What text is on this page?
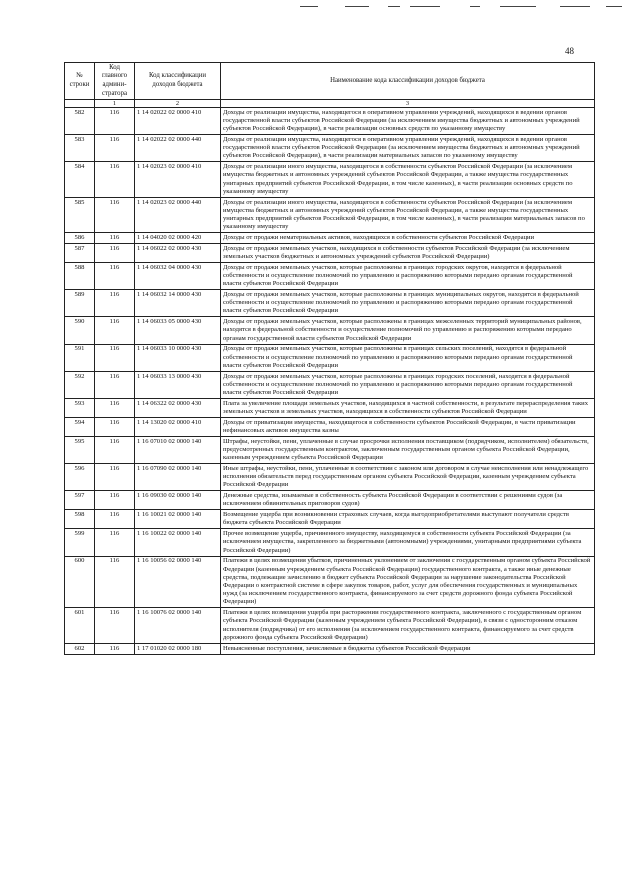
48
№ строки	Код главного админи-стратора	Код классификации доходов бюджета	Наименование кода классификации доходов бюджета
	1	2	3
582	116	1 14 02022 02 0000 410	Доходы от реализации имущества, находящегося в оперативном управлении учреждений, находящихся в ведении органов государственной власти субъектов Российской Федерации (за исключением имущества бюджетных и автономных учреждений субъектов Российской Федерации), в части реализации основных средств по указанному имуществу
583	116	1 14 02022 02 0000 440	Доходы от реализации имущества, находящегося в оперативном управлении учреждений, находящихся в ведении органов государственной власти субъектов Российской Федерации (за исключением имущества бюджетных и автономных учреждений субъектов Российской Федерации), в части реализации материальных запасов по указанному имуществу
584	116	1 14 02023 02 0000 410	Доходы от реализации иного имущества, находящегося в собственности субъектов Российской Федерации (за исключением имущества бюджетных и автономных учреждений субъектов Российской Федерации, а также имущества государственных унитарных предприятий субъектов Российской Федерации, в том числе казенных), в части реализации основных средств по указанному имуществу
585	116	1 14 02023 02 0000 440	Доходы от реализации иного имущества, находящегося в собственности субъектов Российской Федерации (за исключением имущества бюджетных и автономных учреждений субъектов Российской Федерации, а также имущества государственных унитарных предприятий субъектов Российской Федерации, в том числе казенных), в части реализации материальных запасов по указанному имуществу
586	116	1 14 04020 02 0000 420	Доходы от продажи нематериальных активов, находящихся в собственности субъектов Российской Федерации
587	116	1 14 06022 02 0000 430	Доходы от продажи земельных участков, находящихся в собственности субъектов Российской Федерации (за исключением земельных участков бюджетных и автономных учреждений субъектов Российской Федерации)
588	116	1 14 06032 04 0000 430	Доходы от продажи земельных участков, которые расположены в границах городских округов, находятся в федеральной собственности и осуществление полномочий по управлению и распоряжению которыми передано органам государственной власти субъектов Российской Федерации
589	116	1 14 06032 14 0000 430	Доходы от продажи земельных участков, которые расположены в границах муниципальных округов, находятся в федеральной собственности и осуществление полномочий по управлению и распоряжению которыми передано органам государственной власти субъектов Российской Федерации
590	116	1 14 06033 05 0000 430	Доходы от продажи земельных участков, которые расположены в границах межселенных территорий муниципальных районов, находятся в федеральной собственности и осуществление полномочий по управлению и распоряжению которыми передано органам государственной власти субъектов Российской Федерации
591	116	1 14 06033 10 0000 430	Доходы от продажи земельных участков, которые расположены в границах сельских поселений, находятся в федеральной собственности и осуществление полномочий по управлению и распоряжению которыми передано органам государственной власти субъектов Российской Федерации
592	116	1 14 06033 13 0000 430	Доходы от продажи земельных участков, которые расположены в границах городских поселений, находятся в федеральной собственности и осуществление полномочий по управлению и распоряжению которыми передано органам государственной власти субъектов Российской Федерации
593	116	1 14 06322 02 0000 430	Плата за увеличение площади земельных участков, находящихся в частной собственности, в результате перераспределения таких земельных участков и земельных участков, находящихся в собственности субъектов Российской Федерации
594	116	1 14 13020 02 0000 410	Доходы от приватизации имущества, находящегося в собственности субъектов Российской Федерации, в части приватизации нефинансовых активов имущества казны
595	116	1 16 07010 02 0000 140	Штрафы, неустойки, пени, уплаченные в случае просрочки исполнения поставщиком (подрядчиком, исполнителем) обязательств, предусмотренных государственным контрактом, заключенным государственным органом субъекта Российской Федерации, казенным учреждением субъекта Российской Федерации
596	116	1 16 07090 02 0000 140	Иные штрафы, неустойки, пени, уплаченные в соответствии с законом или договором в случае неисполнения или ненадлежащего исполнения обязательств перед государственным органом субъекта Российской Федерации, казенным учреждением субъекта Российской Федерации
597	116	1 16 09030 02 0000 140	Денежные средства, изымаемые в собственность субъекта Российской Федерации в соответствии с решениями судов (за исключением обвинительных приговоров судов)
598	116	1 16 10021 02 0000 140	Возмещение ущерба при возникновении страховых случаев, когда выгодоприобретателями выступают получатели средств бюджета субъекта Российской Федерации
599	116	1 16 10022 02 0000 140	Прочее возмещение ущерба, причиненного имуществу, находящемуся в собственности субъекта Российской Федерации (за исключением имущества, закрепленного за бюджетными (автономными) учреждениями, унитарными предприятиями субъекта Российской Федерации)
600	116	1 16 10056 02 0000 140	Платежи в целях возмещения убытков, причиненных уклонением от заключения с государственным органом субъекта Российской Федерации (казенным учреждением субъекта Российской Федерации) государственного контракта, а также иные денежные средства, подлежащие зачислению в бюджет субъекта Российской Федерации за нарушение законодательства Российской Федерации о контрактной системе в сфере закупок товаров, работ, услуг для обеспечения государственных и муниципальных нужд (за исключением государственного контракта, финансируемого за счет средств дорожного фонда субъекта Российской Федерации)
601	116	1 16 10076 02 0000 140	Платежи в целях возмещения ущерба при расторжении государственного контракта, заключенного с государственным органом субъекта Российской Федерации (казенным учреждением субъекта Российской Федерации), в связи с односторонним отказом исполнителя (подрядчика) от его исполнения (за исключением государственного контракта, финансируемого за счет средств дорожного фонда субъекта Российской Федерации)
602	116	1 17 01020 02 0000 180	Невыясненные поступления, зачисляемые в бюджеты субъектов Российской Федерации
